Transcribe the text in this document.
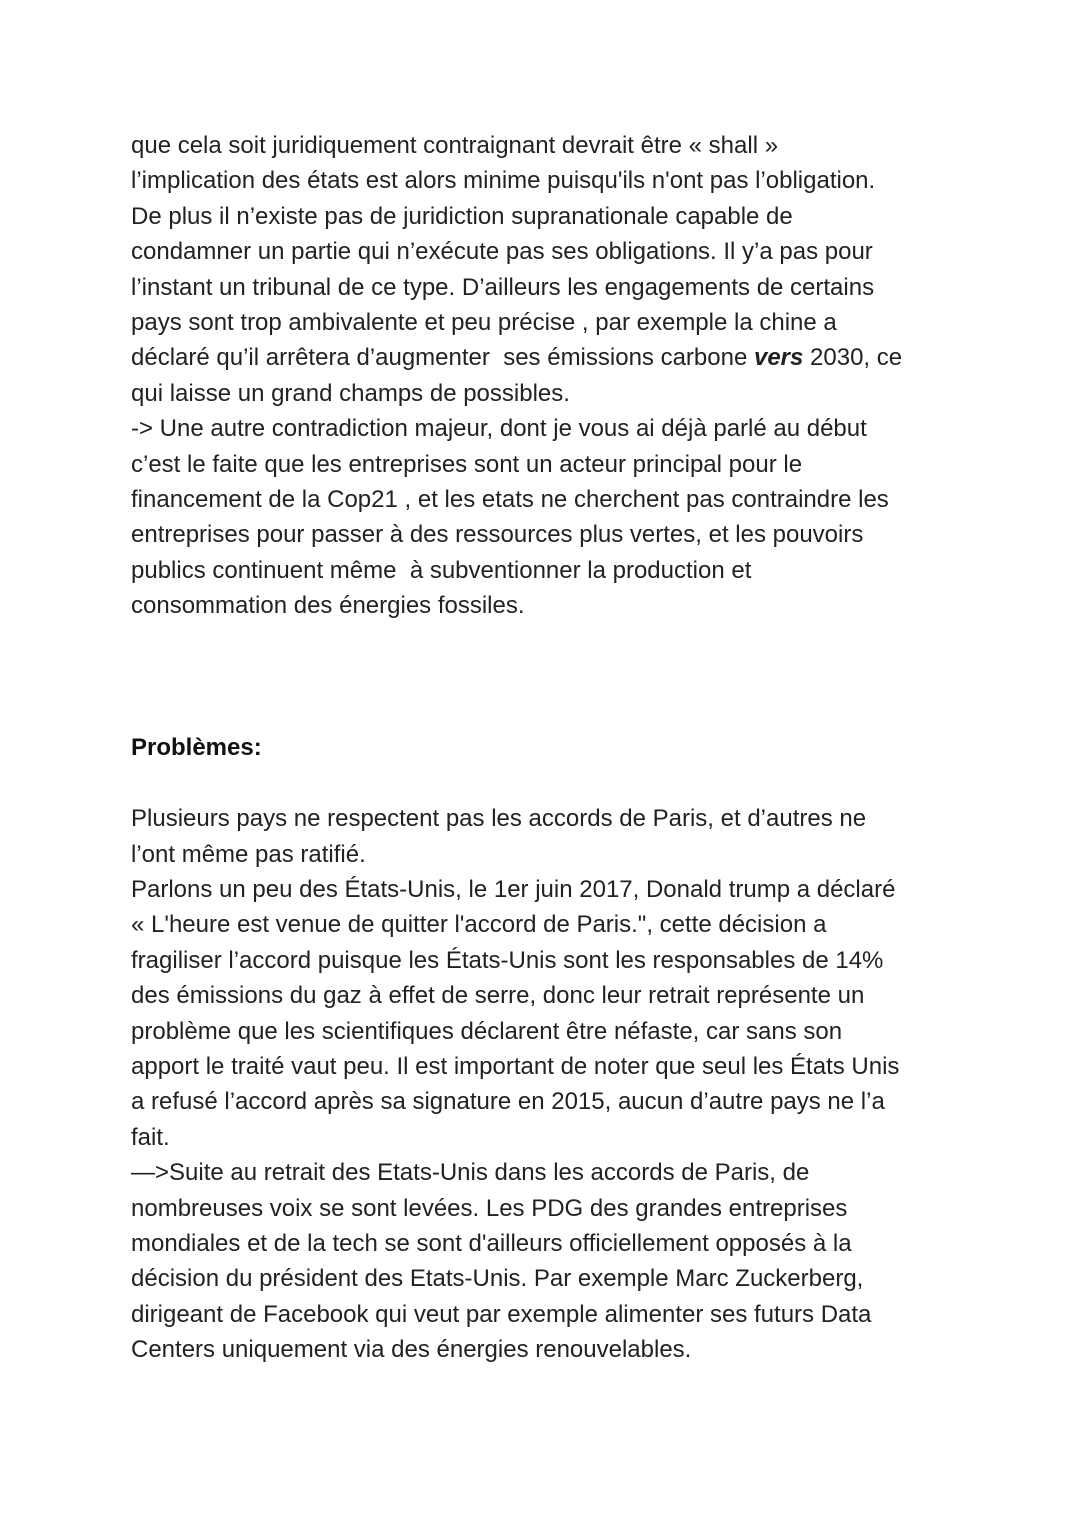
que cela soit juridiquement contraignant devrait être « shall »
l’implication des états est alors minime puisqu'ils n'ont pas l’obligation.
De plus il n’existe pas de juridiction supranationale capable de
condamner un partie qui n’exécute pas ses obligations. Il y’a pas pour
l’instant un tribunal de ce type. D’ailleurs les engagements de certains
pays sont trop ambivalente et peu précise , par exemple la chine a
déclaré qu’il arrêtera d’augmenter  ses émissions carbone vers 2030, ce
qui laisse un grand champs de possibles.
-> Une autre contradiction majeur, dont je vous ai déjà parlé au début
c’est le faite que les entreprises sont un acteur principal pour le
financement de la Cop21 , et les etats ne cherchent pas contraindre les
entreprises pour passer à des ressources plus vertes, et les pouvoirs
publics continuent même  à subventionner la production et
consommation des énergies fossiles.
Problèmes:
Plusieurs pays ne respectent pas les accords de Paris, et d’autres ne
l’ont même pas ratifié.
Parlons un peu des États-Unis, le 1er juin 2017, Donald trump a déclaré
« L'heure est venue de quitter l'accord de Paris.", cette décision a
fragiliser l’accord puisque les États-Unis sont les responsables de 14%
des émissions du gaz à effet de serre, donc leur retrait représente un
problème que les scientifiques déclarent être néfaste, car sans son
apport le traité vaut peu. Il est important de noter que seul les États Unis
a refusé l’accord après sa signature en 2015, aucun d’autre pays ne l’a
fait.
—>Suite au retrait des Etats-Unis dans les accords de Paris, de
nombreuses voix se sont levées. Les PDG des grandes entreprises
mondiales et de la tech se sont d'ailleurs officiellement opposés à la
décision du président des Etats-Unis. Par exemple Marc Zuckerberg,
dirigeant de Facebook qui veut par exemple alimenter ses futurs Data
Centers uniquement via des énergies renouvelables.
